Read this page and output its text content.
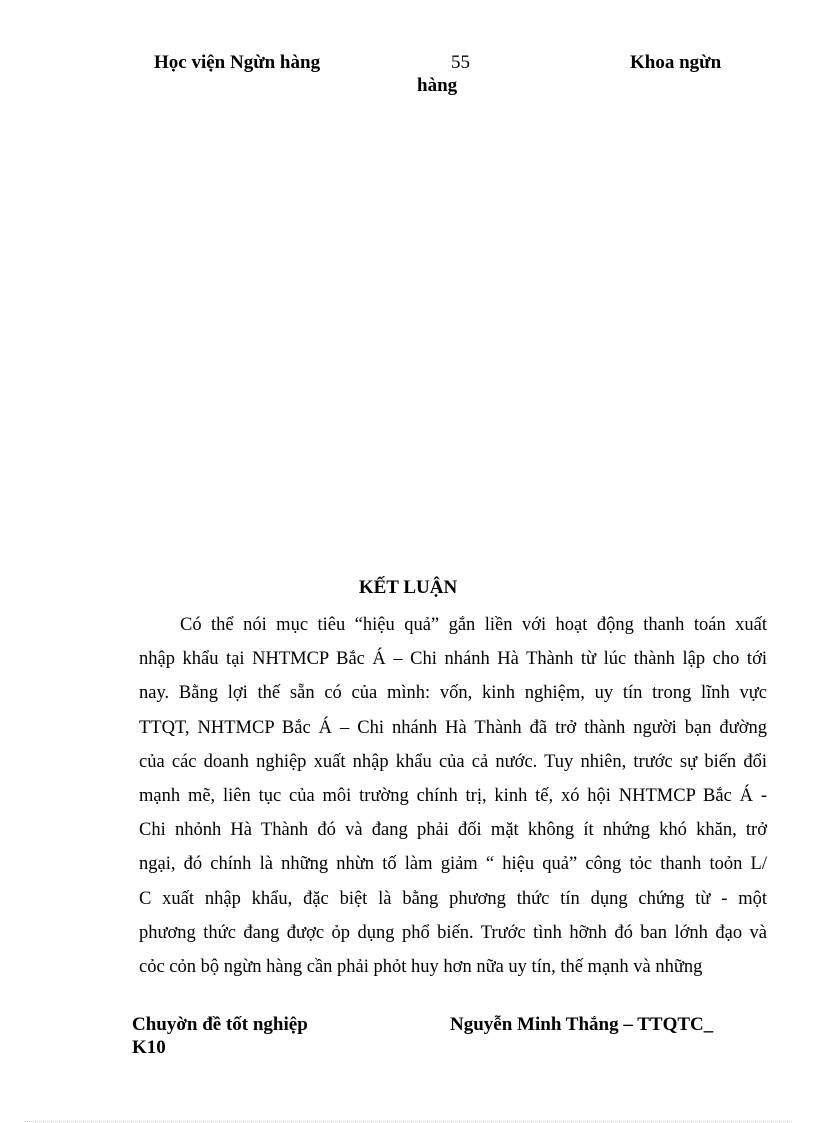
Học viện Ngừn hàng	55	Khoa ngừn
hàng
KẾT LUẬN
Có thể nói mục tiêu “hiệu quả” gắn liền với hoạt động thanh toán xuất
nhập khẩu tại NHTMCP Bắc Á – Chi nhánh Hà Thành từ lúc thành lập cho tới
nay. Bằng lợi thế sẵn có của mình: vốn, kinh nghiệm, uy tín trong lĩnh vực
TTQT, NHTMCP Bắc Á – Chi nhánh Hà Thành đã trở thành người bạn đường
của các doanh nghiệp xuất nhập khẩu của cả nước. Tuy nhiên, trước sự biến đổi
mạnh mẽ, liên tục của môi trường chính trị, kinh tế, xó hội NHTMCP Bắc Á -
Chi nhỏnh Hà Thành đó và đang phải đối mặt không ít nhứng khó khăn, trở
ngại, đó chính là những nhừn tố làm giảm “ hiệu quả” công tỏc thanh toỏn L/
C xuất nhập khẩu, đặc biệt là bằng phương thức tín dụng chứng từ - một
phương thức đang được ỏp dụng phổ biến. Trước tình hỡnh đó ban lớnh đạo và
cỏc cỏn bộ ngừn hàng cần phải phỏt huy hơn nữa uy tín, thế mạnh và những
Chuyờn đề tốt nghiệp	Nguyễn Minh Thắng – TTQTC_
K10
